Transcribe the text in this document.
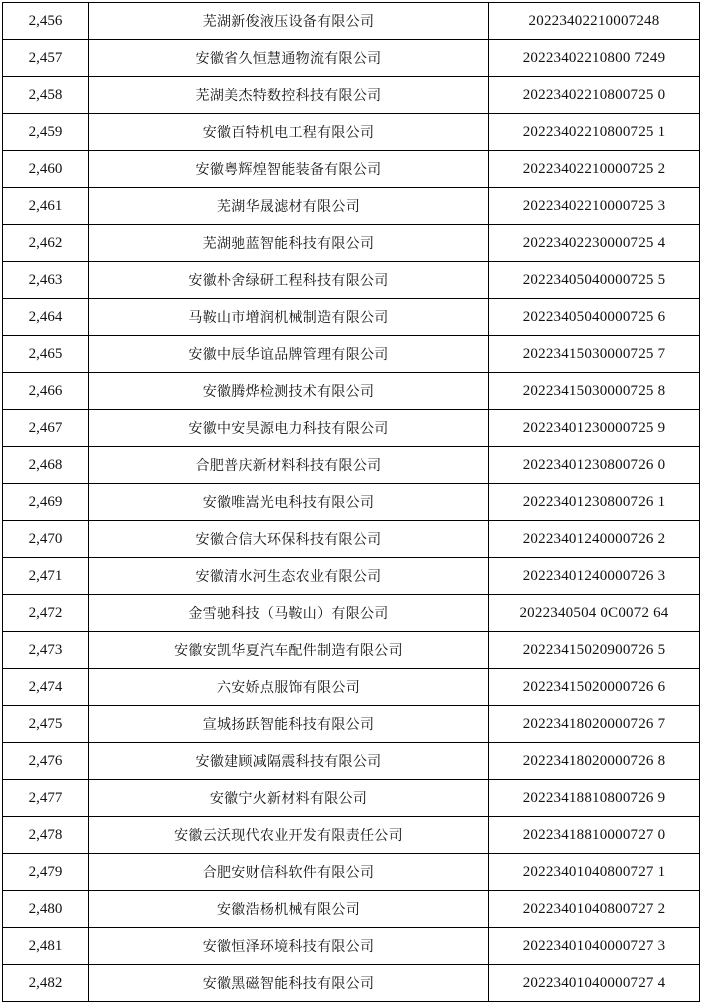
2,456	芜湖新俊液压设备有限公司	20223402210007248
2,457	安徽省久恒慧通物流有限公司	20223402210800 7249
2,458	芜湖美杰特数控科技有限公司	20223402210800725 0
2,459	安徽百特机电工程有限公司	20223402210800725 1
2,460	安徽粤辉煌智能装备有限公司	20223402210000725 2
2,461	芜湖华晟滤材有限公司	20223402210000725 3
2,462	芜湖驰蓝智能科技有限公司	20223402230000725 4
2,463	安徽朴舍绿研工程科技有限公司	20223405040000725 5
2,464	马鞍山市增润机械制造有限公司	20223405040000725 6
2,465	安徽中辰华谊品牌管理有限公司	20223415030000725 7
2,466	安徽腾烨检测技术有限公司	20223415030000725 8
2,467	安徽中安昊源电力科技有限公司	20223401230000725 9
2,468	合肥普庆新材料科技有限公司	20223401230800726 0
2,469	安徽唯嵩光电科技有限公司	20223401230800726 1
2,470	安徽合信大环保科技有限公司	20223401240000726 2
2,471	安徽清水河生态农业有限公司	20223401240000726 3
2,472	金雪驰科技（马鞍山）有限公司	2022340504 0C0072 64
2,473	安徽安凯华夏汽车配件制造有限公司	20223415020900726 5
2,474	六安娇点服饰有限公司	20223415020000726 6
2,475	宣城扬跃智能科技有限公司	20223418020000726 7
2,476	安徽建顾减隔震科技有限公司	20223418020000726 8
2,477	安徽宁火新材料有限公司	20223418810800726 9
2,478	安徽云沃现代农业开发有限责任公司	20223418810000727 0
2,479	合肥安财信科软件有限公司	20223401040800727 1
2,480	安徽浩杨机械有限公司	20223401040800727 2
2,481	安徽恒泽环境科技有限公司	20223401040000727 3
2,482	安徽黑磁智能科技有限公司	20223401040000727 4
